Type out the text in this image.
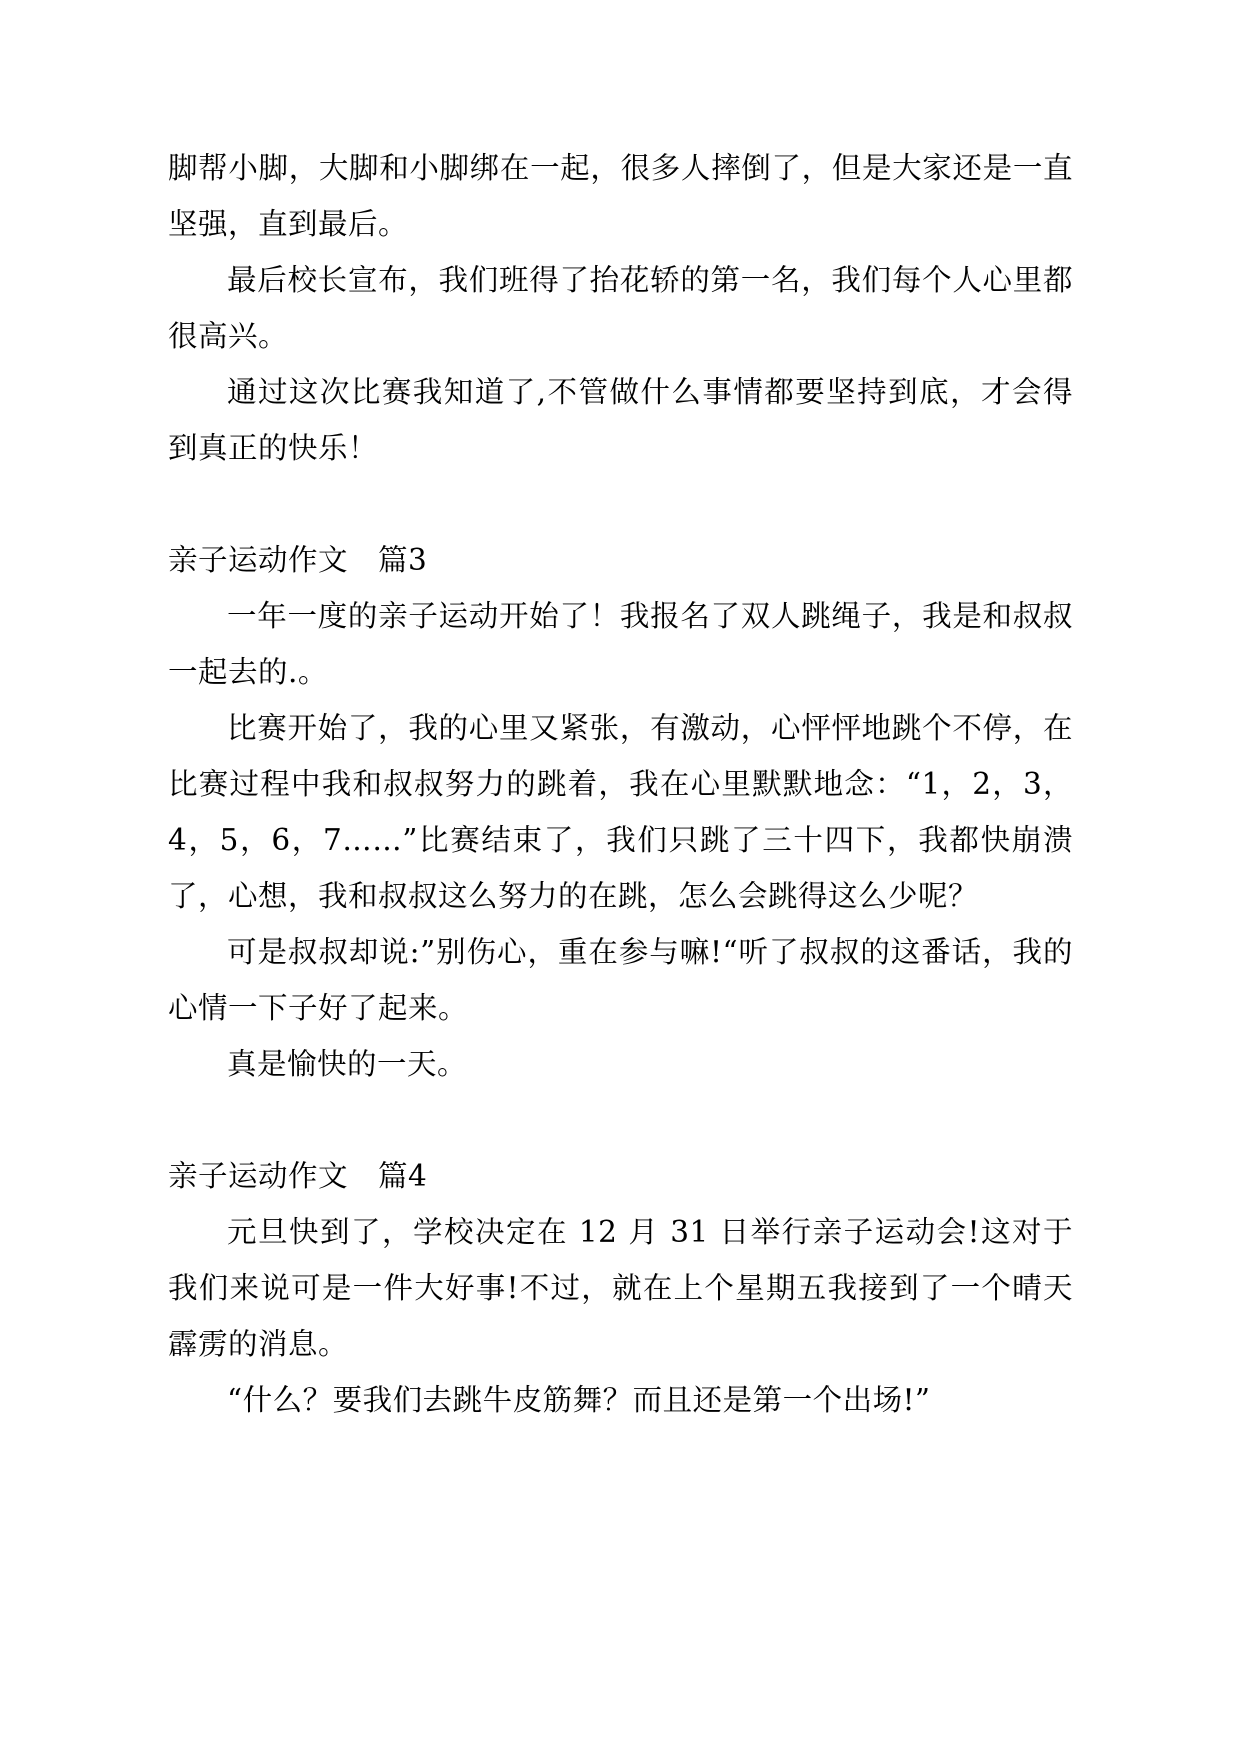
脚帮小脚，大脚和小脚绑在一起，很多人摔倒了，但是大家还是一直坚强，直到最后。

最后校长宣布，我们班得了抬花轿的第一名，我们每个人心里都很高兴。

通过这次比赛我知道了,不管做什么事情都要坚持到底，才会得到真正的快乐！

亲子运动作文　篇3

一年一度的亲子运动开始了！我报名了双人跳绳子，我是和叔叔一起去的.。

比赛开始了，我的心里又紧张，有激动，心怦怦地跳个不停，在比赛过程中我和叔叔努力的跳着，我在心里默默地念：“1，2，3，4，5，6，7……”比赛结束了，我们只跳了三十四下，我都快崩溃了，心想，我和叔叔这么努力的在跳，怎么会跳得这么少呢？

可是叔叔却说:”别伤心，重在参与嘛!“听了叔叔的这番话，我的心情一下子好了起来。

真是愉快的一天。

亲子运动作文　篇4

元旦快到了，学校决定在 12 月 31 日举行亲子运动会!这对于我们来说可是一件大好事!不过，就在上个星期五我接到了一个晴天霹雳的消息。

“什么？要我们去跳牛皮筋舞？而且还是第一个出场!”
